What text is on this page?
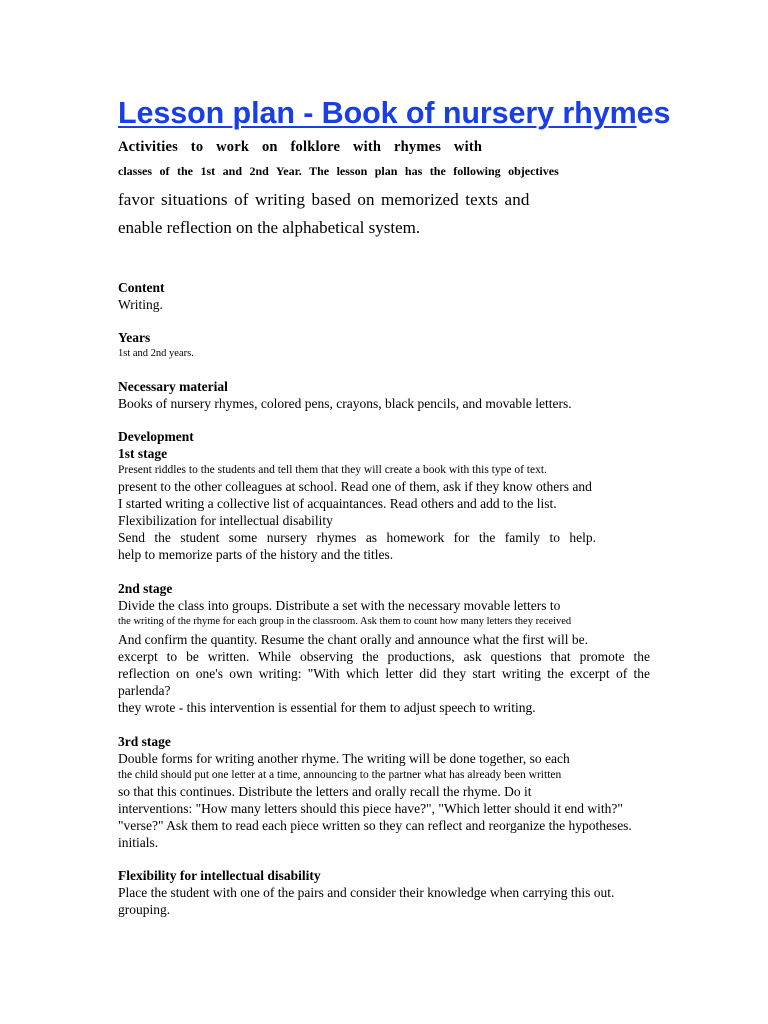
Lesson plan - Book of nursery rhymes
Activities to work on folklore with rhymes with
classes of the 1st and 2nd Year. The lesson plan has the following objectives
favor situations of writing based on memorized texts and
enable reflection on the alphabetical system.
Content
Writing.
Years
1st and 2nd years.
Necessary material
Books of nursery rhymes, colored pens, crayons, black pencils, and movable letters.
Development
1st stage
Present riddles to the students and tell them that they will create a book with this type of text.
present to the other colleagues at school. Read one of them, ask if they know others and
I started writing a collective list of acquaintances. Read others and add to the list.
Flexibilization for intellectual disability
Send the student some nursery rhymes as homework for the family to help.
help to memorize parts of the history and the titles.
2nd stage
Divide the class into groups. Distribute a set with the necessary movable letters to
the writing of the rhyme for each group in the classroom. Ask them to count how many letters they received
And confirm the quantity. Resume the chant orally and announce what the first will be.
excerpt to be written. While observing the productions, ask questions that promote the
reflection on one's own writing: "With which letter did they start writing the excerpt of the
parlenda?
they wrote - this intervention is essential for them to adjust speech to writing.
3rd stage
Double forms for writing another rhyme. The writing will be done together, so each
the child should put one letter at a time, announcing to the partner what has already been written
so that this continues. Distribute the letters and orally recall the rhyme. Do it
interventions: "How many letters should this piece have?", "Which letter should it end with?"
"verse?" Ask them to read each piece written so they can reflect and reorganize the hypotheses.
initials.
Flexibility for intellectual disability
Place the student with one of the pairs and consider their knowledge when carrying this out.
grouping.
